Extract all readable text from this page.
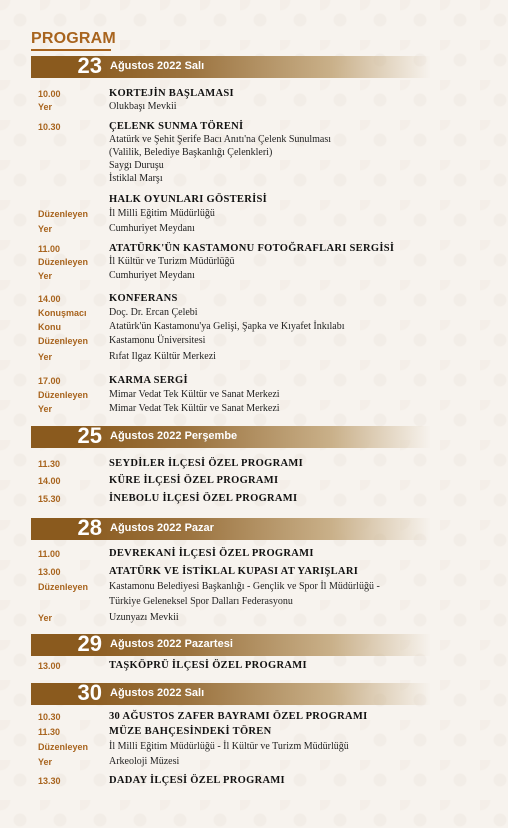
PROGRAM
23 Ağustos 2022 Salı
10.00	KORTEJİN BAŞLAMASI
Yer	Olukbaşı Mevkii
10.30	ÇELENK SUNMA TÖRENİ
Atatürk ve Şehit Şerife Bacı Anıtı'na Çelenk Sunulması
(Valilik, Belediye Başkanlığı Çelenkleri)
Saygı Duruşu
İstiklal Marşı
HALK OYUNLARI GÖSTERİSİ
Düzenleyen İl Milli Eğitim Müdürlüğü
Yer	Cumhuriyet Meydanı
11.00	ATATÜRK'ÜN KASTAMONU FOTOĞRAFLARI SERGİSİ
Düzenleyen İl Kültür ve Turizm Müdürlüğü
Yer	Cumhuriyet Meydanı
14.00	KONFERANS
Konuşmacı Doç. Dr. Ercan Çelebi
Konu	Atatürk'ün Kastamonu'ya Gelişi, Şapka ve Kıyafet İnkılabı
Düzenleyen Kastamonu Üniversitesi
Yer	Rıfat Ilgaz Kültür Merkezi
17.00	KARMA SERGİ
Düzenleyen Mimar Vedat Tek Kültür ve Sanat Merkezi
Yer	Mimar Vedat Tek Kültür ve Sanat Merkezi
25 Ağustos 2022 Perşembe
11.30	SEYDİLER İLÇESİ ÖZEL PROGRAMI
14.00	KÜRE İLÇESİ ÖZEL PROGRAMI
15.30	İNEBOLU İLÇESİ ÖZEL PROGRAMI
28 Ağustos 2022 Pazar
11.00	DEVREKANİ İLÇESİ ÖZEL PROGRAMI
13.00	ATATÜRK VE İSTİKLAL KUPASI AT YARIŞLARI
Düzenleyen Kastamonu Belediyesi Başkanlığı - Gençlik ve Spor İl Müdürlüğü -
Türkiye Geleneksel Spor Dalları Federasyonu
Yer	Uzunyazı Mevkii
29 Ağustos 2022 Pazartesi
13.00	TAŞKÖPRÜ İLÇESİ ÖZEL PROGRAMI
30 Ağustos 2022 Salı
10.30	30 AĞUSTOS ZAFER BAYRAMI ÖZEL PROGRAMI
11.30	MÜZE BAHÇESİNDEKİ TÖREN
Düzenleyen İl Milli Eğitim Müdürlüğü - İl Kültür ve Turizm Müdürlüğü
Yer	Arkeoloji Müzesi
13.30	DADAY İLÇESİ ÖZEL PROGRAMI
